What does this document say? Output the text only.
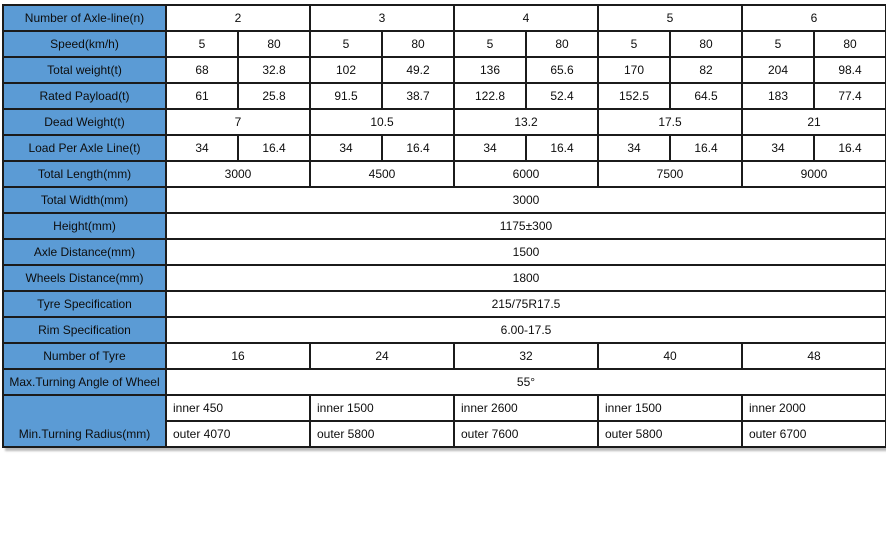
Number of Axle-line(n)	2		3		4		5		6	
Speed(km/h)	5	80	5	80	5	80	5	80	5	80
Total weight(t)	68	32.8	102	49.2	136	65.6	170	82	204	98.4
Rated Payload(t)	61	25.8	91.5	38.7	122.8	52.4	152.5	64.5	183	77.4
Dead Weight(t)	7		10.5		13.2		17.5		21	
Load Per Axle Line(t)	34	16.4	34	16.4	34	16.4	34	16.4	34	16.4
Total Length(mm)	3000		4500		6000		7500		9000	
Total Width(mm)	3000									
Height(mm)	1175±300									
Axle Distance(mm)	1500									
Wheels Distance(mm)	1800									
Tyre Specification	215/75R17.5									
Rim Specification	6.00-17.5									
Number of Tyre	16		24		32		40		48	
Max.Turning Angle of Wheel	55°									
Min.Turning Radius(mm)	inner 450		inner 1500		inner 2600		inner 1500		inner 2000	
	outer 4070		outer 5800		outer 7600		outer 5800		outer 6700	
